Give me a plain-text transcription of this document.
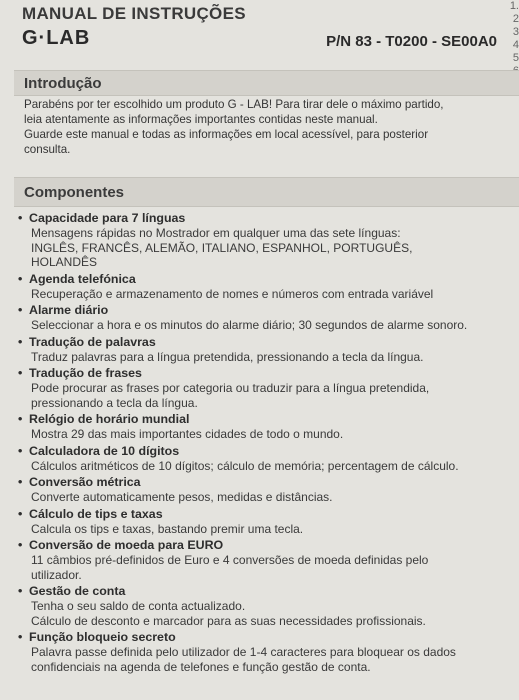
1.
2
3
4
5
MANUAL DE INSTRUÇÕES
G·LAB	P/N 83 - T0200 - SE00A0
Introdução
Parabéns por ter escolhido um produto G - LAB! Para tirar dele o máximo partido,
leia atentamente as informações importantes contidas neste manual.
Guarde este manual e todas as informações em local acessível, para posterior
consulta.
Componentes
• Capacidade para 7 línguas
Mensagens rápidas no Mostrador em qualquer uma das sete línguas:
INGLÊS, FRANCÊS, ALEMÃO, ITALIANO, ESPANHOL, PORTUGUÊS,
HOLANDÊS
• Agenda telefónica
Recuperação e armazenamento de nomes e números com entrada variável
• Alarme diário
Seleccionar a hora e os minutos do alarme diário; 30 segundos de alarme sonoro.
• Tradução de palavras
Traduz palavras para a língua pretendida, pressionando a tecla da língua.
• Tradução de frases
Pode procurar as frases por categoria ou traduzir para a língua pretendida,
pressionando a tecla da língua.
• Relógio de horário mundial
Mostra 29 das mais importantes cidades de todo o mundo.
• Calculadora de 10 dígitos
Cálculos aritméticos de 10 dígitos; cálculo de memória; percentagem de cálculo.
• Conversão métrica
Converte automaticamente pesos, medidas e distâncias.
• Cálculo de tips e taxas
Calcula os tips e taxas, bastando premir uma tecla.
• Conversão de moeda para EURO
11 câmbios pré-definidos de Euro e 4 conversões de moeda definidas pelo
utilizador.
• Gestão de conta
Tenha o seu saldo de conta actualizado.
Cálculo de desconto e marcador para as suas necessidades profissionais.
• Função bloqueio secreto
Palavra passe definida pelo utilizador de 1-4 caracteres para bloquear os dados
confidenciais na agenda de telefones e função gestão de conta.
